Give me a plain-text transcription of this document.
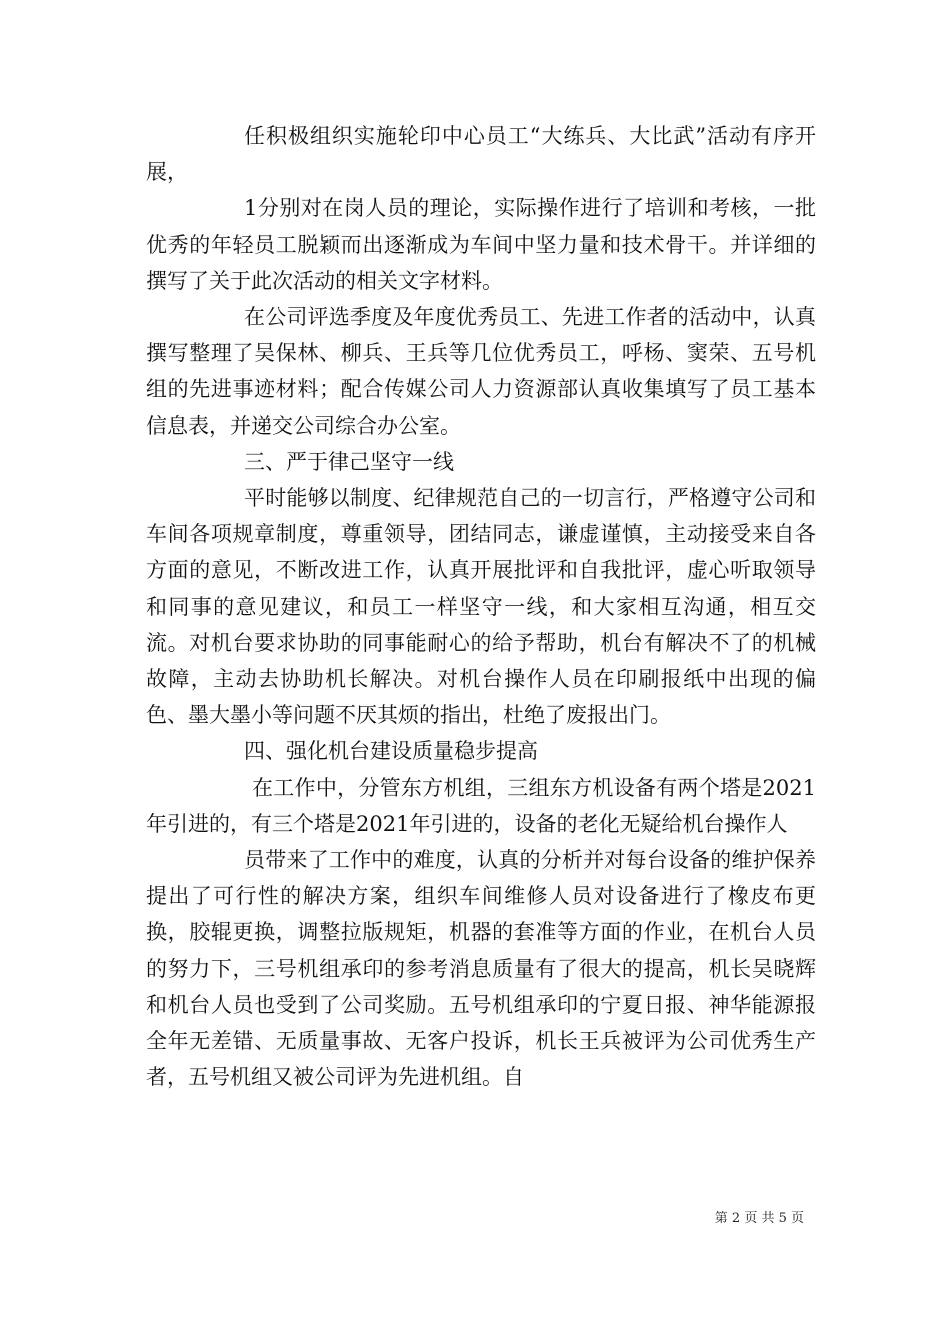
任积极组织实施轮印中心员工“大练兵、大比武”活动有序开展，

1分别对在岗人员的理论，实际操作进行了培训和考核，一批优秀的年轻员工脱颖而出逐渐成为车间中坚力量和技术骨干。并详细的撰写了关于此次活动的相关文字材料。

在公司评选季度及年度优秀员工、先进工作者的活动中，认真撰写整理了吴保林、柳兵、王兵等几位优秀员工，呼杨、窦荣、五号机组的先进事迹材料；配合传媒公司人力资源部认真收集填写了员工基本信息表，并递交公司综合办公室。

三、严于律己坚守一线

平时能够以制度、纪律规范自己的一切言行，严格遵守公司和车间各项规章制度，尊重领导，团结同志，谦虚谨慎，主动接受来自各方面的意见，不断改进工作，认真开展批评和自我批评，虚心听取领导和同事的意见建议，和员工一样坚守一线，和大家相互沟通，相互交流。对机台要求协助的同事能耐心的给予帮助，机台有解决不了的机械故障，主动去协助机长解决。对机台操作人员在印刷报纸中出现的偏色、墨大墨小等问题不厌其烦的指出，杜绝了废报出门。

四、强化机台建设质量稳步提高

在工作中，分管东方机组，三组东方机设备有两个塔是2021年引进的，有三个塔是2021年引进的，设备的老化无疑给机台操作人

员带来了工作中的难度，认真的分析并对每台设备的维护保养提出了可行性的解决方案，组织车间维修人员对设备进行了橡皮布更换，胶辊更换，调整拉版规矩，机器的套准等方面的作业，在机台人员的努力下，三号机组承印的参考消息质量有了很大的提高，机长吴晓辉和机台人员也受到了公司奖励。五号机组承印的宁夏日报、神华能源报全年无差错、无质量事故、无客户投诉，机长王兵被评为公司优秀生产者，五号机组又被公司评为先进机组。自

第 2 页 共 5 页
